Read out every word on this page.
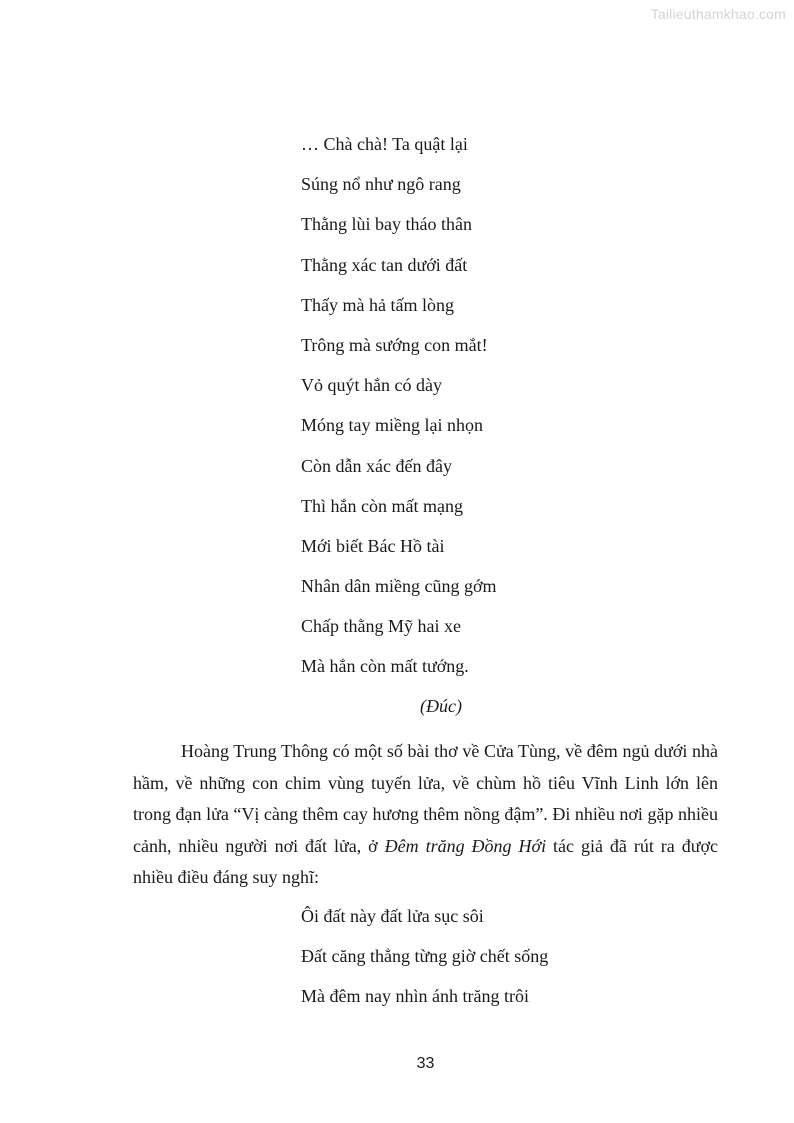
Tailieuthamkhao.com
… Chà chà! Ta quật lại
Súng nổ như ngô rang
Thằng lùi bay tháo thân
Thằng xác tan dưới đất
Thấy mà hả tấm lòng
Trông mà sướng con mắt!
Vỏ quýt hắn có dày
Móng tay miềng lại nhọn
Còn dẫn xác đến đây
Thì hắn còn mất mạng
Mới biết Bác Hồ tài
Nhân dân miềng cũng gớm
Chấp thằng Mỹ hai xe
Mà hắn còn mất tướng.
(Đúc)

Hoàng Trung Thông có một số bài thơ về Cửa Tùng, về đêm ngủ dưới nhà hầm, về những con chim vùng tuyến lửa, về chùm hồ tiêu Vĩnh Linh lớn lên trong đạn lửa “Vị càng thêm cay hương thêm nồng đậm”. Đi nhiều nơi gặp nhiều cảnh, nhiều người nơi đất lửa, ở Đêm trăng Đồng Hới tác giả đã rút ra được nhiều điều đáng suy nghĩ:

Ôi đất này đất lửa sục sôi
Đất căng thẳng từng giờ chết sống
Mà đêm nay nhìn ánh trăng trôi
33
